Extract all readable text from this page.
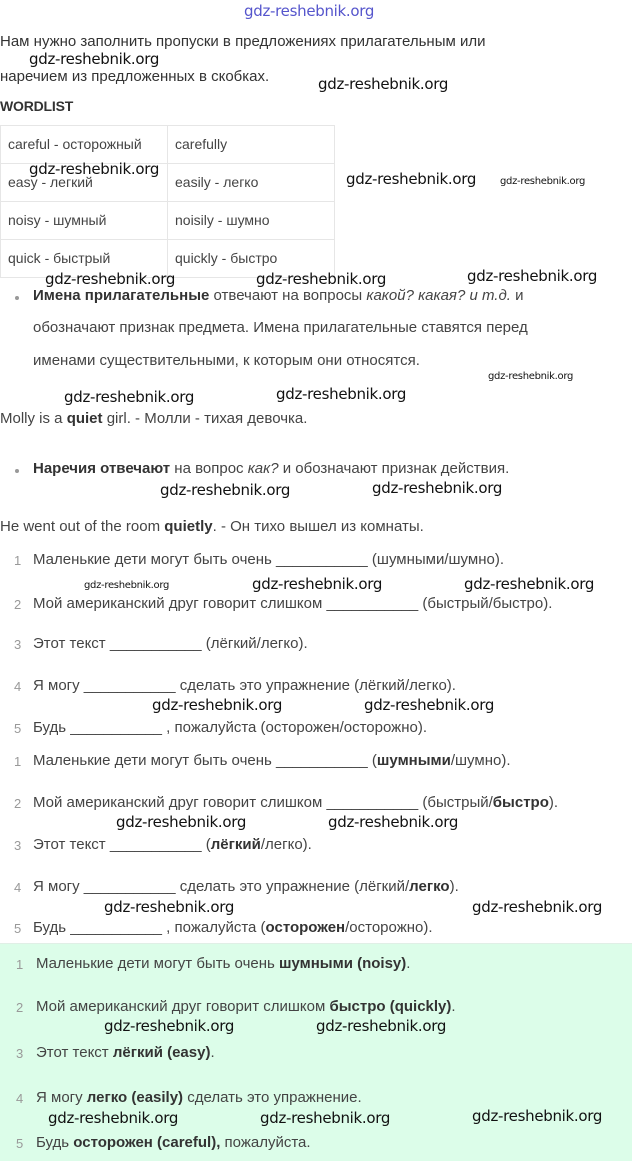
gdz-reshebnik.org
Нам нужно заполнить пропуски в предложениях прилагательным или
наречием из предложенных в скобках.
WORDLIST
careful - осторожный	carefully
easy - легкий	easily - легко
noisy - шумный	noisily - шумно
quick - быстрый	quickly - быстро
Имена прилагательные отвечают на вопросы какой? какая? и т.д. и
обозначают признак предмета. Имена прилагательные ставятся перед
именами существительными, к которым они относятся.
Molly is a quiet girl. - Молли - тихая девочка.
Наречия отвечают на вопрос как? и обозначают признак действия.
He went out of the room quietly. - Он тихо вышел из комнаты.
1 Маленькие дети могут быть очень ___________ (шумными/шумно).
2 Мой американский друг говорит слишком ___________ (быстрый/быстро).
3 Этот текст ___________ (лёгкий/легко).
4 Я могу ___________ сделать это упражнение (лёгкий/легко).
5 Будь ___________ , пожалуйста (осторожен/осторожно).
1 Маленькие дети могут быть очень ___________ (шумными/шумно).
2 Мой американский друг говорит слишком ___________ (быстрый/быстро).
3 Этот текст ___________ (лёгкий/легко).
4 Я могу ___________ сделать это упражнение (лёгкий/легко).
5 Будь ___________ , пожалуйста (осторожен/осторожно).
1 Маленькие дети могут быть очень шумными (noisy).
2 Мой американский друг говорит слишком быстро (quickly).
3 Этот текст лёгкий (easy).
4 Я могу легко (easily) сделать это упражнение.
5 Будь осторожен (careful), пожалуйста.
gdz-reshebnik.org
gdz-reshebnik.org
gdz-reshebnik.org
gdz-reshebnik.org gdz-reshebnik.org
gdz-reshebnik.org	gdz-reshebnik.org	gdz-reshebnik.org
gdz-reshebnik.org
gdz-reshebnik.org	gdz-reshebnik.org
gdz-reshebnik.org	gdz-reshebnik.org
gdz-reshebnik.org	gdz-reshebnik.org	gdz-reshebnik.org
gdz-reshebnik.org	gdz-reshebnik.org
gdz-reshebnik.org	gdz-reshebnik.org
gdz-reshebnik.org	gdz-reshebnik.org
gdz-reshebnik.org	gdz-reshebnik.org
gdz-reshebnik.org	gdz-reshebnik.org	gdz-reshebnik.org
